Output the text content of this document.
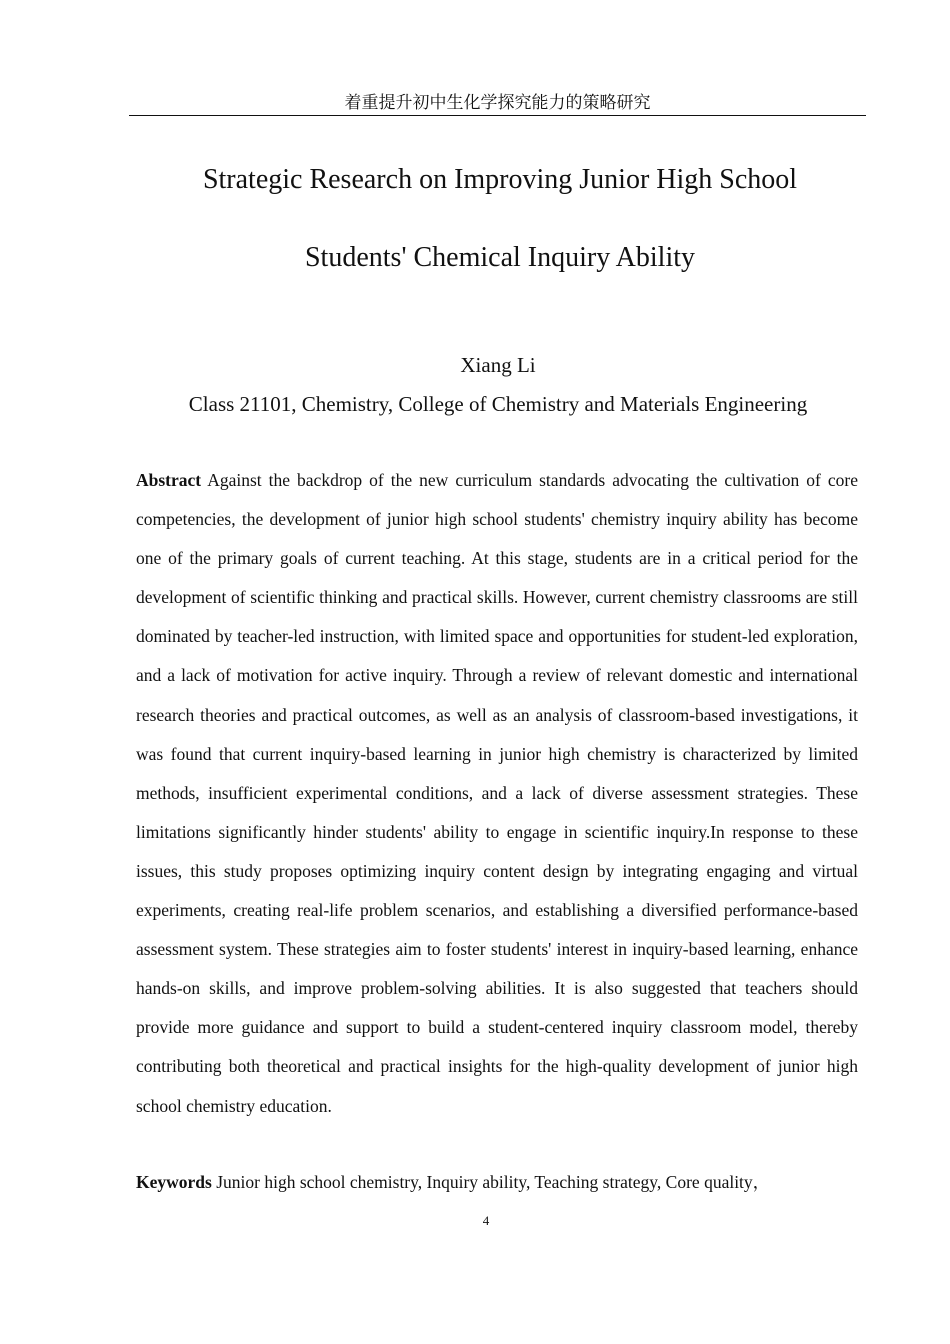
着重提升初中生化学探究能力的策略研究
Strategic Research on Improving Junior High School
Students' Chemical Inquiry Ability
Xiang Li
Class 21101, Chemistry, College of Chemistry and Materials Engineering

Abstract Against the backdrop of the new curriculum standards advocating the cultivation of core competencies, the development of junior high school students' chemistry inquiry ability has become one of the primary goals of current teaching. At this stage, students are in a critical period for the development of scientific thinking and practical skills. However, current chemistry classrooms are still dominated by teacher-led instruction, with limited space and opportunities for student-led exploration, and a lack of motivation for active inquiry. Through a review of relevant domestic and international research theories and practical outcomes, as well as an analysis of classroom-based investigations, it was found that current inquiry-based learning in junior high chemistry is characterized by limited methods, insufficient experimental conditions, and a lack of diverse assessment strategies. These limitations significantly hinder students' ability to engage in scientific inquiry.In response to these issues, this study proposes optimizing inquiry content design by integrating engaging and virtual experiments, creating real-life problem scenarios, and establishing a diversified performance-based assessment system. These strategies aim to foster students' interest in inquiry-based learning, enhance hands-on skills, and improve problem-solving abilities. It is also suggested that teachers should provide more guidance and support to build a student-centered inquiry classroom model, thereby contributing both theoretical and practical insights for the high-quality development of junior high school chemistry education.

Keywords Junior high school chemistry, Inquiry ability, Teaching strategy, Core quality，

4
